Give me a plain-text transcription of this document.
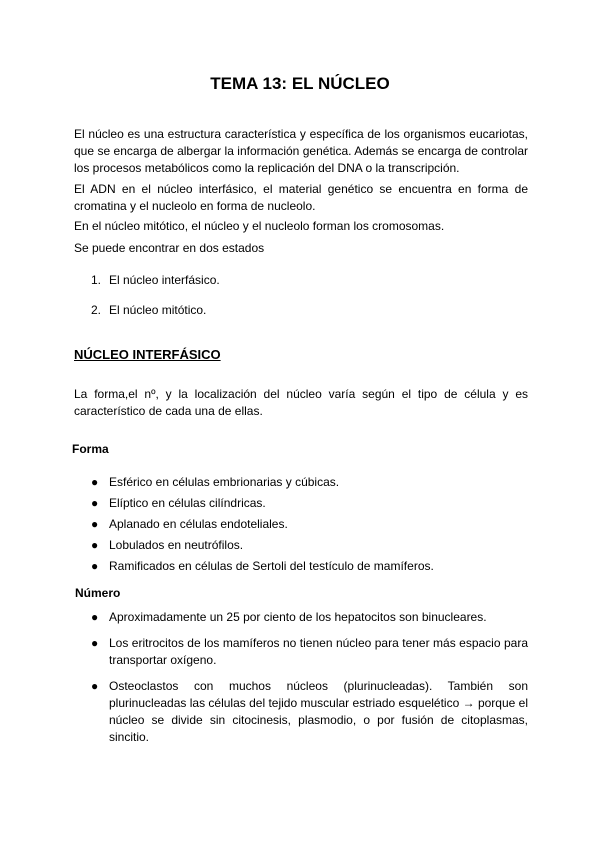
TEMA 13: EL NÚCLEO

El núcleo es una estructura característica y específica de los organismos eucariotas, que se encarga de albergar la información genética. Además se encarga de controlar los procesos metabólicos como la replicación del DNA o la transcripción.

El ADN en el núcleo interfásico, el material genético se encuentra en forma de cromatina y el nucleolo en forma de nucleolo.

En el núcleo mitótico, el núcleo y el nucleolo forman los cromosomas.

Se puede encontrar en dos estados

1. El núcleo interfásico.
2. El núcleo mitótico.
NÚCLEO INTERFÁSICO

La forma,el nº, y la localización del núcleo varía según el tipo de célula y es característico de cada una de ellas.

Forma
● Esférico en células embrionarias y cúbicas.
● Elíptico en células cilíndricas.
● Aplanado en células endoteliales.
● Lobulados en neutrófilos.
● Ramificados en células de Sertoli del testículo de mamíferos.
Número
● Aproximadamente un 25 por ciento de los hepatocitos son binucleares.
● Los eritrocitos de los mamíferos no tienen núcleo para tener más espacio para transportar oxígeno.
● Osteoclastos con muchos núcleos (plurinucleadas). También son plurinucleadas las células del tejido muscular estriado esquelético → porque el núcleo se divide sin citocinesis, plasmodio, o por fusión de citoplasmas, sincitio.
